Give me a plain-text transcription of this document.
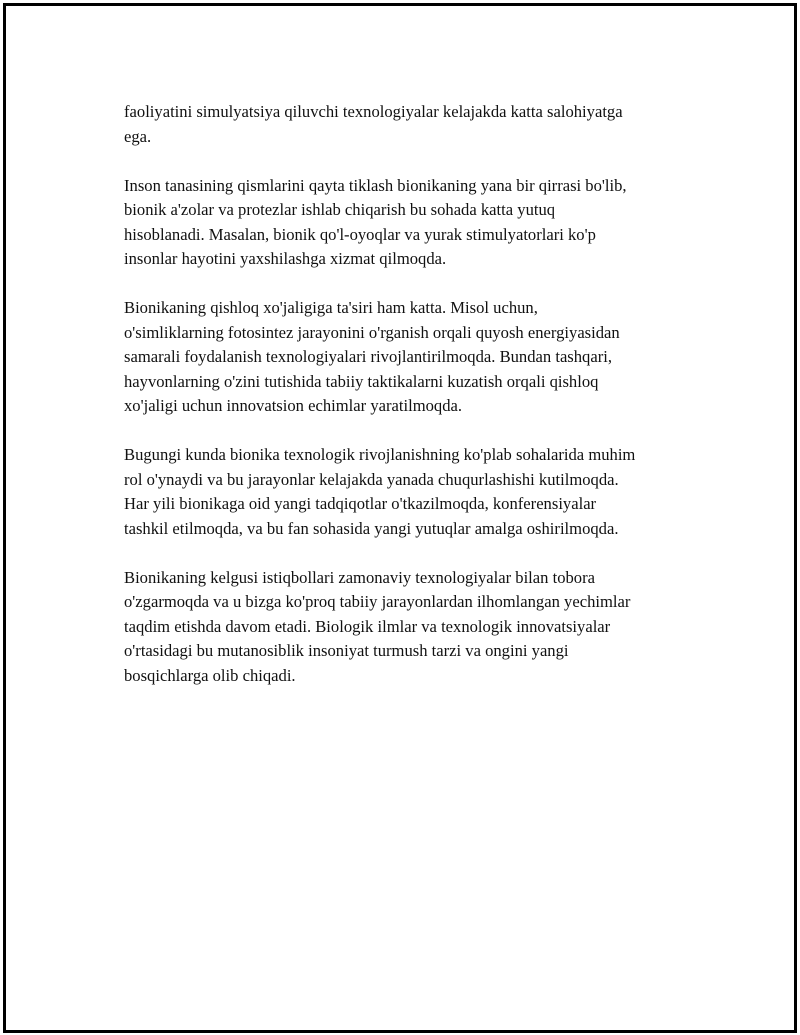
faoliyatini simulyatsiya qiluvchi texnologiyalar kelajakda katta salohiyatga
ega.

Inson tanasining qismlarini qayta tiklash bionikaning yana bir qirrasi bo'lib,
bionik a'zolar va protezlar ishlab chiqarish bu sohada katta yutuq
hisoblanadi. Masalan, bionik qo'l-oyoqlar va yurak stimulyatorlari ko'p
insonlar hayotini yaxshilashga xizmat qilmoqda.

Bionikaning qishloq xo'jaligiga ta'siri ham katta. Misol uchun,
o'simliklarning fotosintez jarayonini o'rganish orqali quyosh energiyasidan
samarali foydalanish texnologiyalari rivojlantirilmoqda. Bundan tashqari,
hayvonlarning o'zini tutishida tabiiy taktikalarni kuzatish orqali qishloq
xo'jaligi uchun innovatsion echimlar yaratilmoqda.

Bugungi kunda bionika texnologik rivojlanishning ko'plab sohalarida muhim
rol o'ynaydi va bu jarayonlar kelajakda yanada chuqurlashishi kutilmoqda.
Har yili bionikaga oid yangi tadqiqotlar o'tkazilmoqda, konferensiyalar
tashkil etilmoqda, va bu fan sohasida yangi yutuqlar amalga oshirilmoqda.

Bionikaning kelgusi istiqbollari zamonaviy texnologiyalar bilan tobora
o'zgarmoqda va u bizga ko'proq tabiiy jarayonlardan ilhomlangan yechimlar
taqdim etishda davom etadi. Biologik ilmlar va texnologik innovatsiyalar
o'rtasidagi bu mutanosiblik insoniyat turmush tarzi va ongini yangi
bosqichlarga olib chiqadi.
